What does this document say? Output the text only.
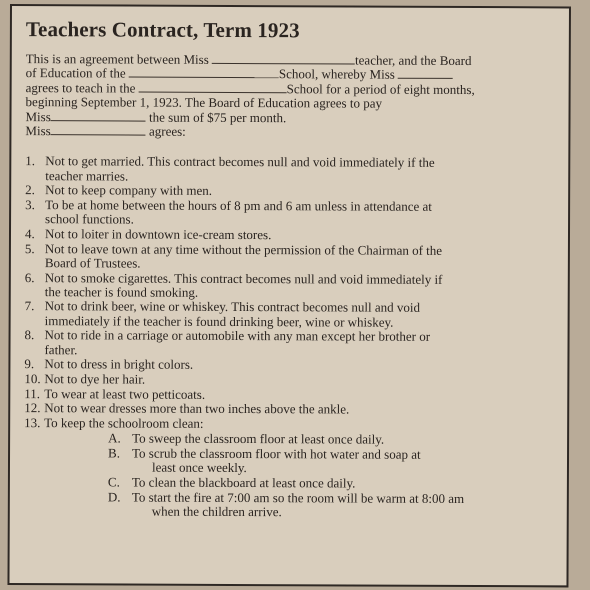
Teachers Contract, Term 1923
This is an agreement between Miss	teacher, and the Board
of Education of the	School, whereby Miss
agrees to teach in the	School for a period of eight months,
beginning September 1, 1923. The Board of Education agrees to pay
Miss	the sum of $75 per month.
Miss	agrees:
1. Not to get married. This contract becomes null and void immediately if the
teacher marries.
2. Not to keep company with men.
3. To be at home between the hours of 8 pm and 6 am unless in attendance at
school functions.
4. Not to loiter in downtown ice-cream stores.
5. Not to leave town at any time without the permission of the Chairman of the
Board of Trustees.
6. Not to smoke cigarettes. This contract becomes null and void immediately if
the teacher is found smoking.
7. Not to drink beer, wine or whiskey. This contract becomes null and void
immediately if the teacher is found drinking beer, wine or whiskey.
8. Not to ride in a carriage or automobile with any man except her brother or
father.
9. Not to dress in bright colors.
10. Not to dye her hair.
11. To wear at least two petticoats.
12. Not to wear dresses more than two inches above the ankle.
13. To keep the schoolroom clean:
A. To sweep the classroom floor at least once daily.
B. To scrub the classroom floor with hot water and soap at
least once weekly.
C. To clean the blackboard at least once daily.
D. To start the fire at 7:00 am so the room will be warm at 8:00 am
when the children arrive.
